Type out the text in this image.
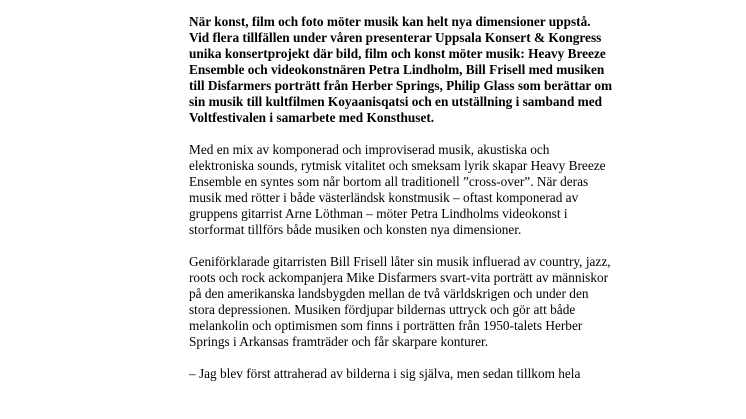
När konst, film och foto möter musik kan helt nya dimensioner uppstå.
Vid flera tillfällen under våren presenterar Uppsala Konsert & Kongress
unika konsertprojekt där bild, film och konst möter musik: Heavy Breeze
Ensemble och videokonstnären Petra Lindholm, Bill Frisell med musiken
till Disfarmers porträtt från Herber Springs, Philip Glass som berättar om
sin musik till kultfilmen Koyaanisqatsi och en utställning i samband med
Voltfestivalen i samarbete med Konsthuset.
Med en mix av komponerad och improviserad musik, akustiska och
elektroniska sounds, rytmisk vitalitet och smeksam lyrik skapar Heavy Breeze
Ensemble en syntes som når bortom all traditionell ”cross-over”. När deras
musik med rötter i både västerländsk konstmusik – oftast komponerad av
gruppens gitarrist Arne Löthman – möter Petra Lindholms videokonst i
storformat tillförs både musiken och konsten nya dimensioner.
Geniförklarade gitarristen Bill Frisell låter sin musik influerad av country, jazz,
roots och rock ackompanjera Mike Disfarmers svart-vita porträtt av människor
på den amerikanska landsbygden mellan de två världskrigen och under den
stora depressionen. Musiken fördjupar bildernas uttryck och gör att både
melankolin och optimismen som finns i porträtten från 1950-talets Herber
Springs i Arkansas framträder och får skarpare konturer.
– Jag blev först attraherad av bilderna i sig själva, men sedan tillkom hela
